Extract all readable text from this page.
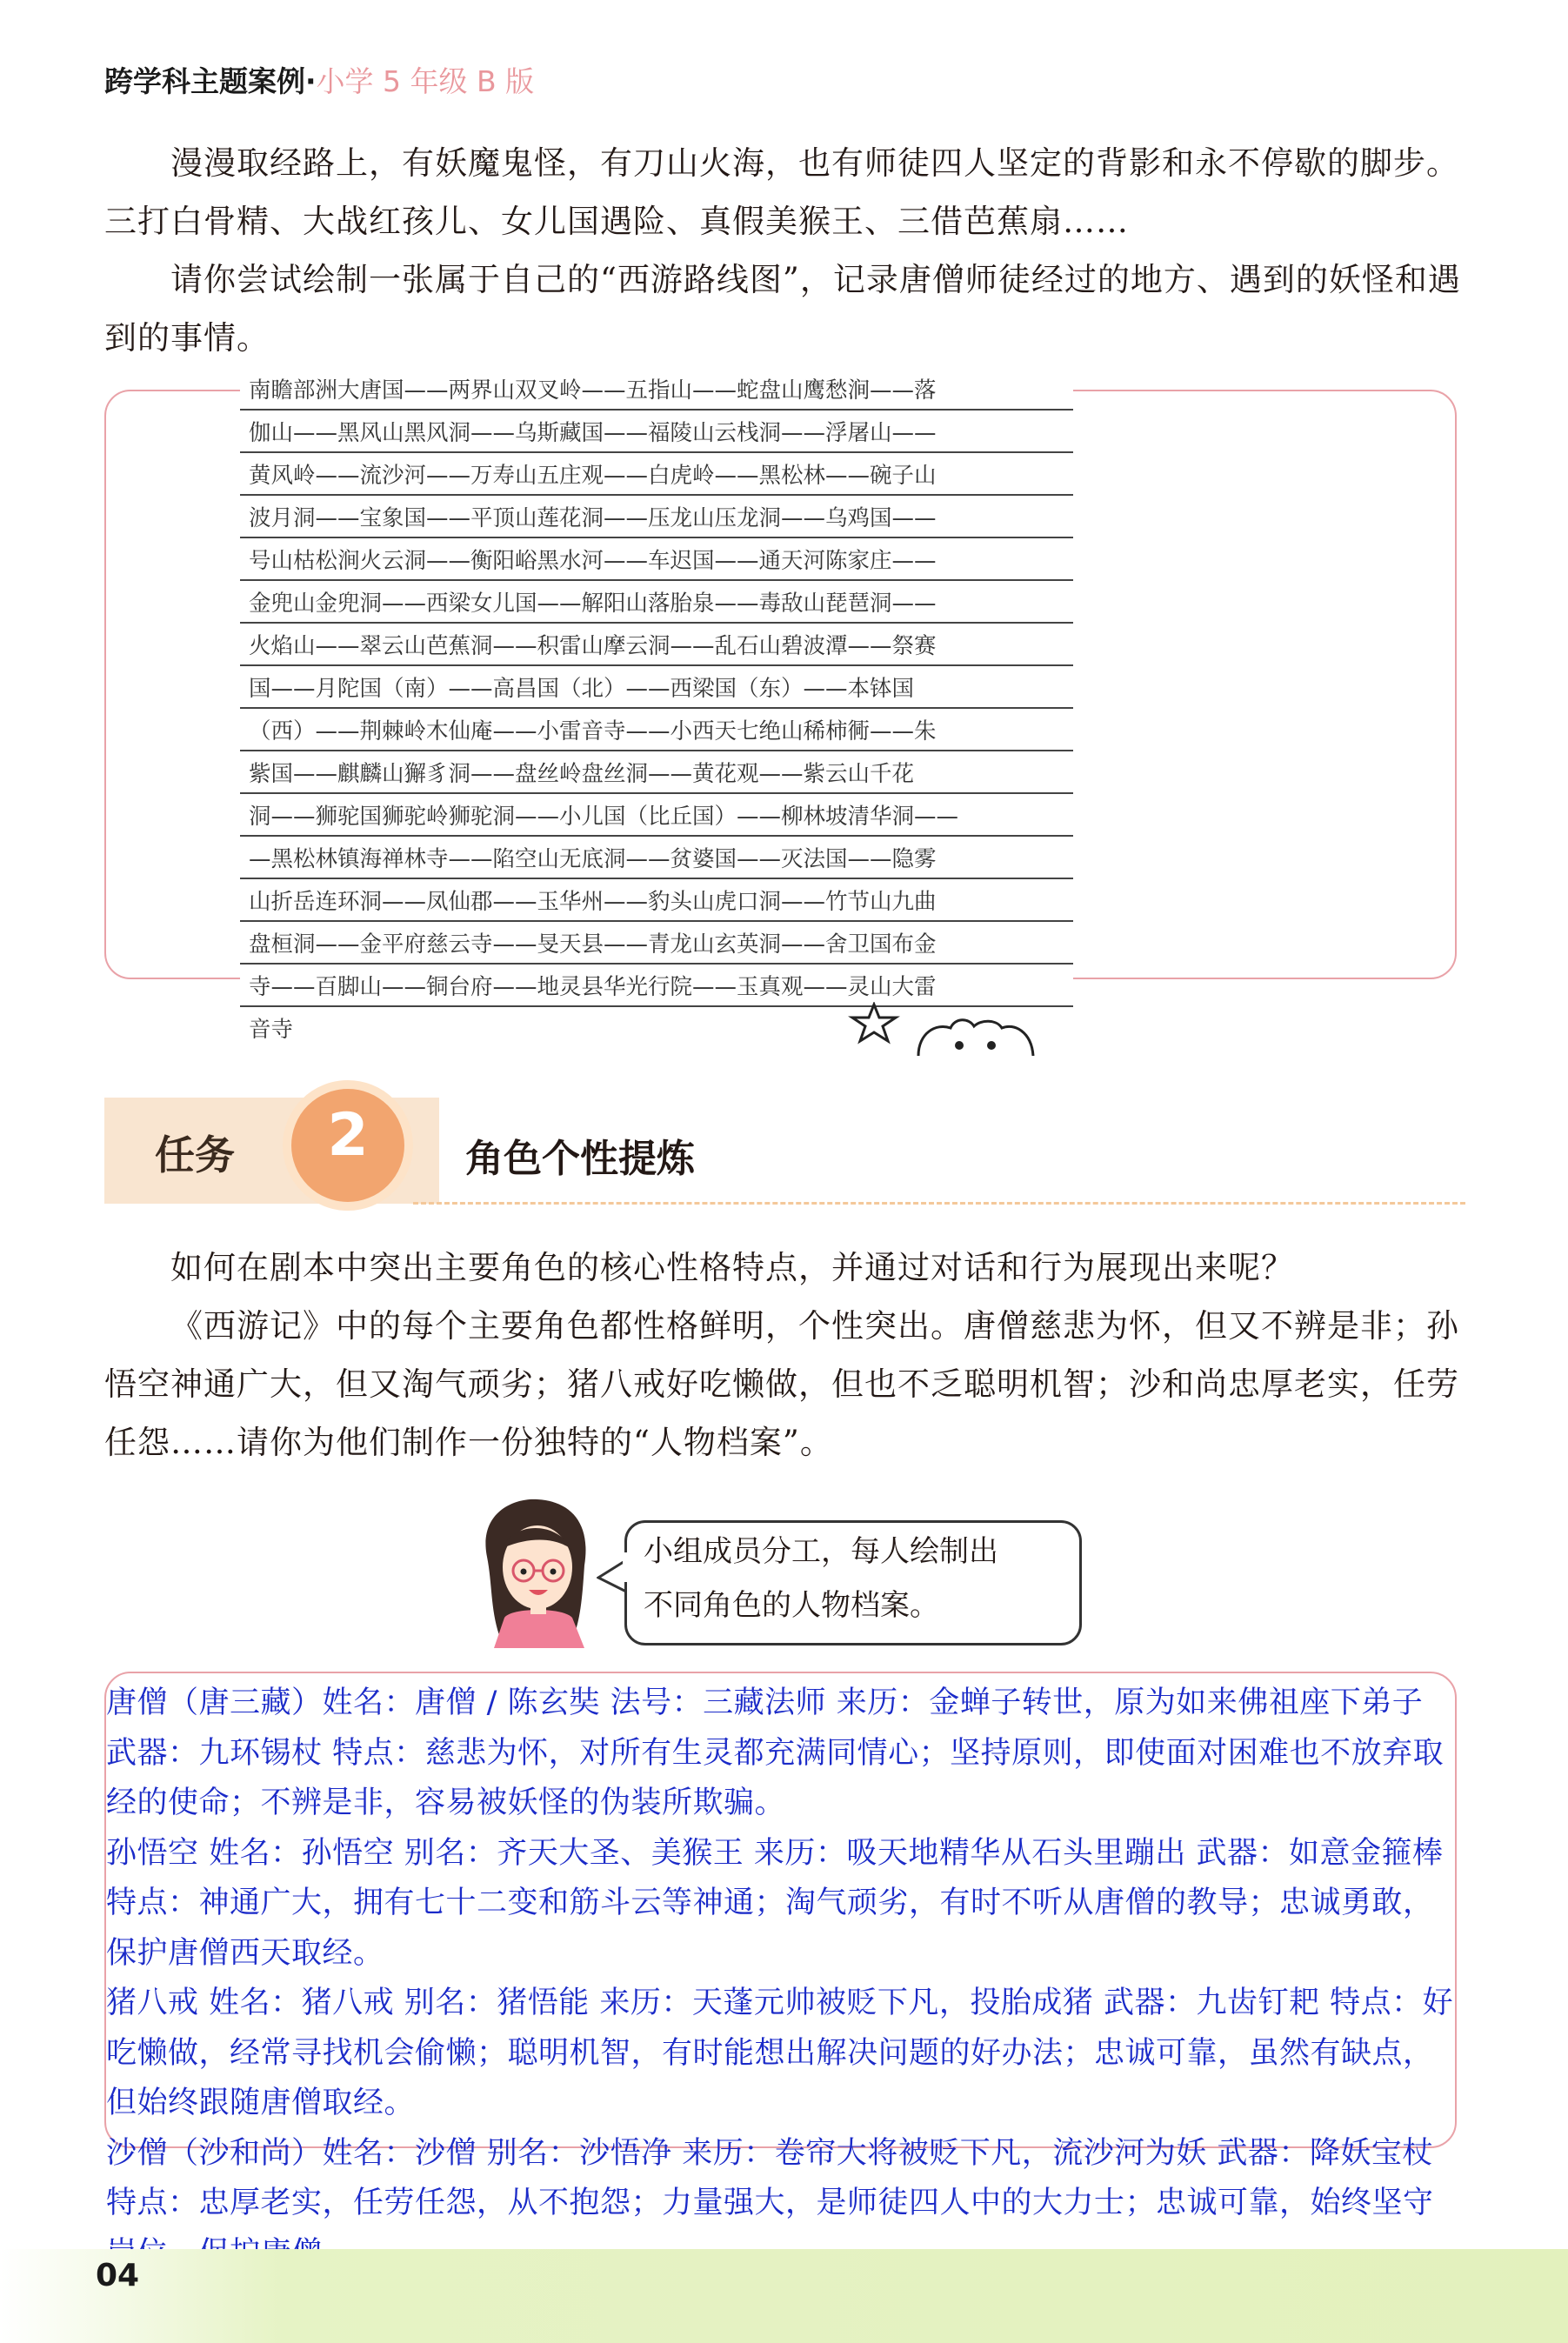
跨学科主题案例·小学 5 年级 B 版

漫漫取经路上，有妖魔鬼怪，有刀山火海，也有师徒四人坚定的背影和永不停歇的脚步。三打白骨精、大战红孩儿、女儿国遇险、真假美猴王、三借芭蕉扇……

请你尝试绘制一张属于自己的“西游路线图”，记录唐僧师徒经过的地方、遇到的妖怪和遇到的事情。

南瞻部洲大唐国——两界山双叉岭——五指山——蛇盘山鹰愁涧——落
伽山——黑风山黑风洞——乌斯藏国——福陵山云栈洞——浮屠山——
黄风岭——流沙河——万寿山五庄观——白虎岭——黑松林——碗子山
波月洞——宝象国——平顶山莲花洞——压龙山压龙洞——乌鸡国——
号山枯松涧火云洞——衡阳峪黑水河——车迟国——通天河陈家庄——
金兜山金兜洞——西梁女儿国——解阳山落胎泉——毒敌山琵琶洞——
火焰山——翠云山芭蕉洞——积雷山摩云洞——乱石山碧波潭——祭赛
国——月陀国（南）——高昌国（北）——西梁国（东）——本钵国
（西）——荆棘岭木仙庵——小雷音寺——小西天七绝山稀柿衕——朱
紫国——麒麟山獬豸洞——盘丝岭盘丝洞——黄花观——紫云山千花
洞——狮驼国狮驼岭狮驼洞——小儿国（比丘国）——柳林坡清华洞——
—黑松林镇海禅林寺——陷空山无底洞——贫婆国——灭法国——隐雾
山折岳连环洞——凤仙郡——玉华州——豹头山虎口洞——竹节山九曲
盘桓洞——金平府慈云寺——旻天县——青龙山玄英洞——舍卫国布金
寺——百脚山——铜台府——地灵县华光行院——玉真观——灵山大雷
音寺
任务	2	角色个性提炼

如何在剧本中突出主要角色的核心性格特点，并通过对话和行为展现出来呢？

《西游记》中的每个主要角色都性格鲜明，个性突出。唐僧慈悲为怀，但又不辨是非；孙悟空神通广大，但又淘气顽劣；猪八戒好吃懒做，但也不乏聪明机智；沙和尚忠厚老实，任劳任怨……请你为他们制作一份独特的“人物档案”。

小组成员分工，每人绘制出
不同角色的人物档案。

唐僧（唐三藏）姓名：唐僧 / 陈玄奘 法号：三藏法师 来历：金蝉子转世，原为如来佛祖座下弟子 武器：九环锡杖 特点：慈悲为怀，对所有生灵都充满同情心；坚持原则，即使面对困难也不放弃取经的使命；不辨是非，容易被妖怪的伪装所欺骗。

孙悟空 姓名：孙悟空 别名：齐天大圣、美猴王 来历：吸天地精华从石头里蹦出 武器：如意金箍棒 特点：神通广大，拥有七十二变和筋斗云等神通；淘气顽劣，有时不听从唐僧的教导；忠诚勇敢，保护唐僧西天取经。

猪八戒 姓名：猪八戒 别名：猪悟能 来历：天蓬元帅被贬下凡，投胎成猪 武器：九齿钉耙 特点：好吃懒做，经常寻找机会偷懒；聪明机智，有时能想出解决问题的好办法；忠诚可靠，虽然有缺点，但始终跟随唐僧取经。

沙僧（沙和尚）姓名：沙僧 别名：沙悟净 来历：卷帘大将被贬下凡，流沙河为妖 武器：降妖宝杖 特点：忠厚老实，任劳任怨，从不抱怨；力量强大，是师徒四人中的大力士；忠诚可靠，始终坚守

04
